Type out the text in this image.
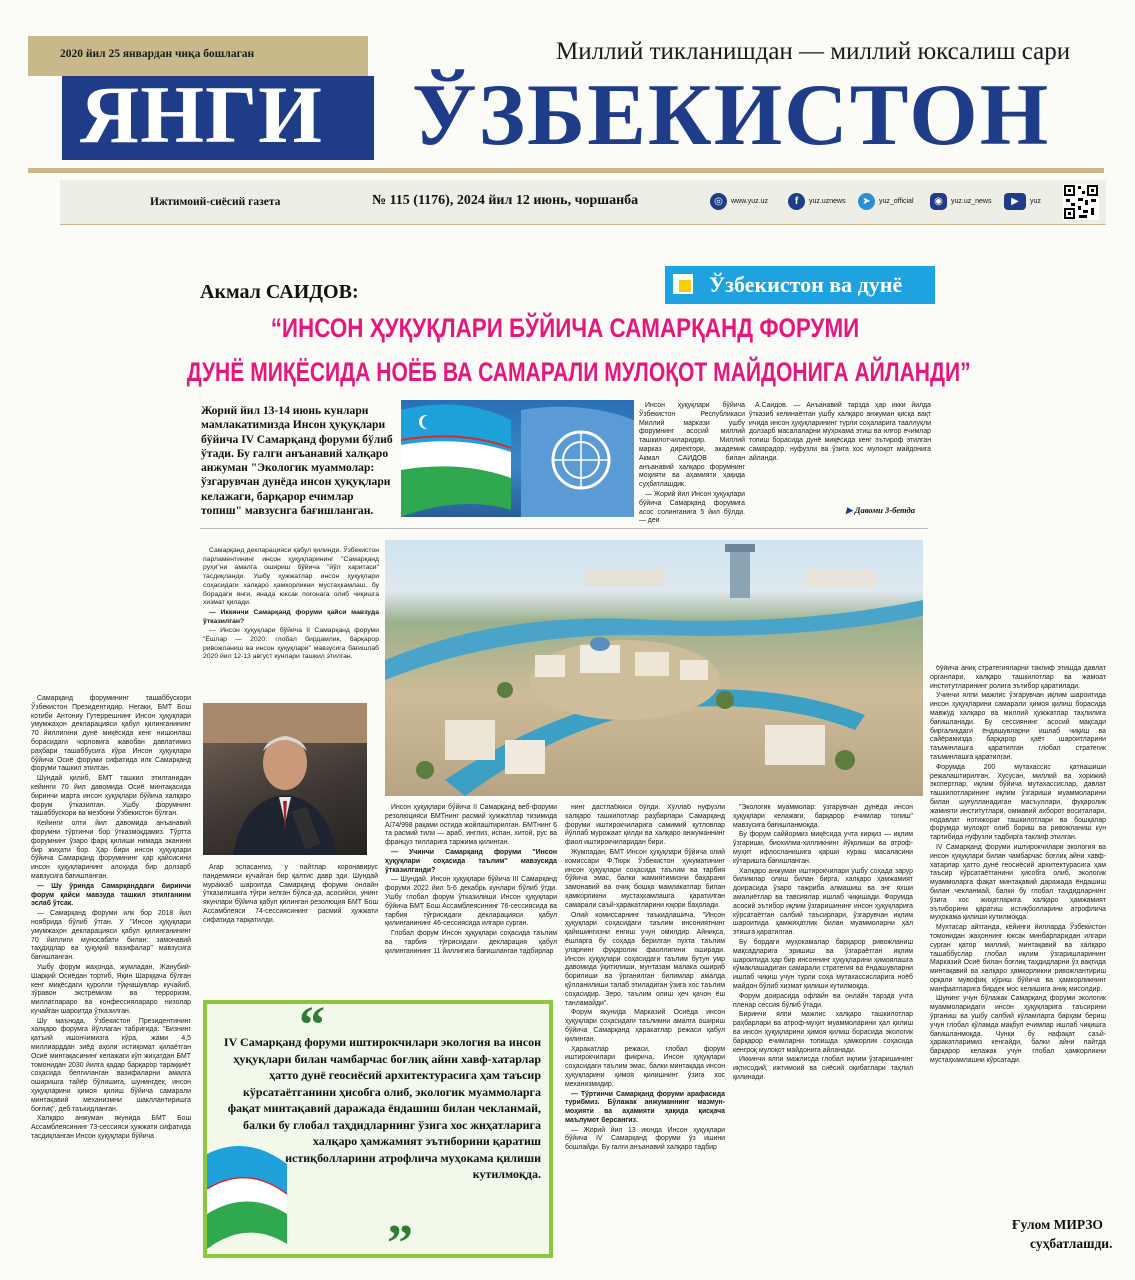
2020 йил 25 январдан чиқа бошлаган
ЯНГИ ЎЗБЕКИСТОН
Миллий тикланишдан — миллий юксалиш сари
Ижтимоий-сиёсий газета	№ 115 (1176), 2024 йил 12 июнь, чоршанба	◎	www.yuz.uz	f	yuz.uznews	➤	yuz_official	◉	yuz.uz_news	▶	yuz
Ўзбекистон ва дунё
Акмал САИДОВ:
“ИНСОН ҲУҚУҚЛАРИ БЎЙИЧА САМАРҚАНД ФОРУМИ
ДУНЁ МИҚЁСИДА НОЁБ ВА САМАРАЛИ МУЛОҚОТ МАЙДОНИГА АЙЛАНДИ”
Жорий йил 13-14 июнь кунлари мамлакатимизда Инсон ҳуқуқлари бўйича IV Самарқанд форуми бўлиб ўтади. Бу галги анъанавий халқаро анжуман "Экологик муаммолар: ўзгарувчан дунёда инсон ҳуқуқлари келажаги, барқарор ечимлар топиш" мавзусига бағишланган.

Инсон ҳуқуқлари бўйича Ўзбекистон Республикаси Миллий маркази ушбу форумнинг асосий миллий ташкилотчиларидир. Миллий марказ директори, академик Акмал САИДОВ билан анъанавий халқаро форумнинг моҳияти ва аҳамияти ҳақида суҳбатлашдик.

— Жорий йил Инсон ҳуқуқлари бўйича Самарқанд форумига асос солинганига 5 йил бўлди. — деи

А.Саидов. — Анъанавий тарзда ҳар икки йилда ўтказиб келинаётган ушбу халқаро анжуман қисқа вақт ичида инсон ҳуқуқларининг турли соҳаларига тааллуқли долзарб масалаларни муҳокама этиш ва илғор ечимлар топиш борасида дунё миқёсида кенг эътироф этилган самарадор, нуфузли ва ўзига хос мулоқот майдонига айланди.

▶ Давоми 3-бетда

Самарқанд декларацияси қабул қилинди. Ўзбекистон парламентининг инсон ҳуқуқларининг "Самарқанд руҳи"ни амалга ошириш бўйича "йўл харитаси" тасдиқланди. Ушбу ҳужжатлар инсон ҳуқуқлари соҳасидаги халқаро ҳамкорликни мустаҳкамлаш, бу борадаги янги, янада юксак поғонага олиб чиқишга хизмат қилади.

— Иккинчи Самарқанд форуми қайси мавзуда ўтказилган?

— Инсон ҳуқуқлари бўйича II Самарқанд форуми "Ёшлар — 2020: глобал бирдамлик, барқарор ривожланиш ва инсон ҳуқуқлари" мавзусига бағишлаб 2020 йил 12-13 август кунлари ташкил этилган.

Самарқанд форумининг ташаббускори Ўзбекистон Президентидир. Негаки, БМТ Бош котиби Антониу Гутеррешнинг Инсон ҳуқуқлари умумжаҳон декларацияси қабул қилинганининг 70 йиллигини дунё миқёсида кенг нишонлаш борасидаги чорловига жавобан давлатимиз раҳбари ташаббусига кўра Инсон ҳуқуқлари бўйича Осиё форуми сифатида илк Самарқанд форуми ташкил этилган.

Шундай қилиб, БМТ ташкил этилганидан кейинги 70 йил давомида Осиё минтақасида биринчи марта инсон ҳуқуқлари бўйича халқаро форум ўтказилган. Ушбу форумнинг ташаббускори ва мезбони Ўзбекистон бўлган.

Кейинги олти йил давомида анъанавий форумни тўртинчи бор ўтказмоқдамиз. Тўртта форумнинг ўзаро фарқ қилиши нимада эканини бир жиҳати бор. Ҳар бири инсон ҳуқуқлари бўйича Самарқанд форумининг ҳар қайсисини инсон ҳуқуқларининг алоҳида бир долзарб мавзусига бағишланган.

— Шу ўринда Самарқанддаги биринчи форум қайси мавзуда ташкил этилганини эслаб ўтсак.

— Самарқанд форуми илк бор 2018 йил ноябрида бўлиб ўтган. У "Инсон ҳуқуқлари умумжаҳон декларацияси қабул қилинганининг 70 йиллиги муносабати билан: замонавий таҳдидлар ва ҳуқуқий вазифалар" мавзусига бағишланган.

Ушбу форум жаҳонда, жумладан, Жанубий-Шарқий Осиёдан тортиб, Яқин Шарққача бўлган кенг миқёсдаги қуролли тўқнашувлар кучайиб, зўравон экстремизм ва терроризм, миллатлараро ва конфессиялараро низолар кучайган шароитда ўтказилган.

Шу маънода, Ўзбекистон Президентининг халқаро форумга йўллаган табригида: "Бизнинг қатъий ишончимизга кўра, жами 4,5 миллиарддан зиёд аҳоли истиқомат қилаётган Осиё минтақасининг келажаги кўп жиҳатдан БМТ томонидан 2030 йилга қадар барқарор тараққиёт соҳасида белгиланган вазифаларни амалга оширишга тайёр бўлишига, шунингдек, инсон ҳуқуқларини ҳимоя қилиш бўйича самарали минтақавий механизмни шакллантиришга боғлиқ", деб таъкидланган.

Халқаро анжуман якунида БМТ Бош Ассамблеясининг 73-сессияси ҳужжати сифатида тасдиқланган Инсон ҳуқуқлари бўйича

Агар эсласангиз, у пайтлар коронавирус пандемияси кучайган бир қалтис давр эди. Шундай мураккаб шароитда Самарқанд форуми онлайн ўтказилишига тўғри келган бўлса-да, асосийси, унинг якунлари бўйича қабул қилинган резолюция БМТ Бош Ассамблеяси 74-сессиясининг расмий ҳужжати сифатида тарқатилди.

Инсон ҳуқуқлари бўйича II Самарқанд веб-форуми резолюцияси БМТнинг расмий ҳужжатлар тизимида A/74/998 рақами остида жойлаштирилган. БМТнинг 6 та расмий тили — араб, инглиз, испан, хитой, рус ва француз тилларига таржима қилинган.

— Учинчи Самарқанд форуми "Инсон ҳуқуқлари соҳасида таълим" мавзусида ўтказилганди?

— Шундай. Инсон ҳуқуқлари бўйича III Самарқанд форуми 2022 йил 5-6 декабрь кунлари бўлиб ўтди. Ушбу глобал форум ўтказилиши Инсон ҳуқуқлари бўйича БМТ Бош Ассамблеясининг 76-сессиясида ва тарбия тўғрисидаги декларацияси қабул қилинганининг 46-сессиясида илгари сурган.

Глобал форум Инсон ҳуқуқлари соҳасида таълим ва тарбия тўғрисидаги декларация қабул қилинганининг 11 йиллигига бағишланган тадбирлар

нинг дастлабкиси бўлди. Хўллаб нуфузли халқаро ташкилотлар раҳбарлари Самарқанд форуми иштирокчиларига самимий қутловлар йўллаб мурожаат қилди ва халқаро анжуманнинг фаол иштирокчиларидан бири.

Жумладан, БМТ Инсон ҳуқуқлари бўйича олий комиссари Ф.Тюрк Ўзбекистон ҳукуматининг инсон ҳуқуқлари соҳасида таълим ва тарбия бўйича эмас, балки жамиятимизни баҳарани замонавий ва очиқ бошқа мамлакатлар билан ҳамкорликни мустаҳкамлашга қаратилган самарали саъй-ҳаракатларини юқори баҳолади.

Олий комиссарнинг таъкидлашича, "Инсон ҳуқуқлари соҳасидаги таълим инсониятнинг қайишингизни енгиш учун омилдир. Айниқса, ёшларга бу соҳада берилган пухта таълим уларнинг фуқаролик фаоллигини оширади. Инсон ҳуқуқлари соҳасидаги таълим бутун умр давомида ўқитилиши, мунтазам малака ошириб борилиши ва ўрганилган билимлар амалда қўлланилиши талаб этиладиган ўзига хос таълим соҳасидир. Зеро, таълим олиш ҳеч қачон ёш танламайди".

Форум якунида Марказий Осиёда инсон ҳуқуқлари соҳасидаги таълимни амалга ошириш бўйича Самарқанд ҳаракатлар режаси қабул қилинган.

Ҳаракатлар режаси, глобал форум иштирокчилари фикрича, Инсон ҳуқуқлари соҳасидаги таълим эмас, балки минтақада инсон ҳуқуқларини ҳимоя қилишнинг ўзига хос механизмидир.

— Тўртинчи Самарқанд форуми арафасида турибмиз. Бўлажак анжуманнинг мазмун-моҳияти ва аҳамияти ҳақида қисқача маълумот берсангиз.

— Жорий йил 13 июнда Инсон ҳуқуқлари бўйича IV Самарқанд форуми ўз ишини бошлайди. Бу галги анъанавий халқаро тадбир

"Экологик муаммолар: ўзгарувчан дунёда инсон ҳуқуқлари келажаги, барқарор ечимлар топиш" мавзусига бағишланмоқда.

Бу форум саййормиз миқёсида учта кирқиз — иқлим ўзгариши, биохилма-хилликнинг йўқолиши ва атроф-муҳит ифлосланишига қарши кураш масаласини кўтаришга бағишланган.

Халқаро анжуман иштирокчилари ушбу соҳада зарур билимлар олиш билан бирга, халқаро ҳамжамият доирасида ўзаро тажриба алмашиш ва энг яхши амалиётлар ва тавсиялар ишлаб чиқишади. Форумда асосий эътибор иқлим ўзгаришининг инсон ҳуқуқларига кўрсатаётган салбий таъсирлари, ўзгарувчан иқлим шароитида ҳамжиҳатлик билан муаммоларни ҳал этишга қаратилган.

Бу бордаги муҳокамалар барқарор ривожланиш мақсадларига эришиш ва ўзгараётган иқлим шароитида ҳар бир инсоннинг ҳуқуқларини ҳимоялашга кўмаклашадиган самарали стратегия ва ёндашувларни ишлаб чиқиш учун турли соҳа мутахассисларига ноёб майдон бўлиб хизмат қилиши кутилмоқда.

Форум доирасида офлайн ва онлайн тарзда учта пленар сессия бўлиб ўтади.

Биринчи ялпи мажлис халқаро ташкилотлар раҳбарлари ва атроф-муҳит муаммоларини ҳал қилиш ва инсон ҳуқуқларини ҳимоя қилиш борасида экологик барқарор ечимларни топишда ҳамкорлик соҳасида кенгроқ мулоқот майдонига айланади.

Иккинчи ялпи мажлисда глобал иқлим ўзгаришининг иқтисодий, ижтимоий ва сиёсий оқибатлари таҳлил қилинади.

бўйича аниқ стратегияларни таклиф этишда давлат органлари, халқаро ташкилотлар ва жамоат институтларининг ролига эътибор қаратилади.

Учинчи ялпи мажлис ўзгарувчан иқлим шароитида инсон ҳуқуқларини самарали ҳимоя қилиш борасида мавжуд халқаро ва миллий ҳужжатлар таҳлилига бағишланади. Бу сессиянинг асосий мақсади биргаликдаги ёндашувларни ишлаб чиқиш ва сайёрамизда барқарор ҳаёт шароитларини таъминлашга қаратилган глобал стратегик таъминлашга қаратилган.

Форумда 200 мутахассис қатнашиши режалаштирилган. Хусусан, миллий ва хорижий экспертлар, иқлим бўйича мутахассислар, давлат ташкилотларининг иқлим ўзгариши муаммоларини билан шуғулланадиган масъуллари, фуқаролик жамияти институтлари, оммавий ахборот воситалари, нодавлат нотижорат ташкилотлари ва бошқалар форумда мулоқот олиб бориш ва ривожланиш кун тартибида нуфузли тадбирга таклиф этилган.

IV Самарқанд форуми иштирокчилари экология ва инсон ҳуқуқлари билан чамбарчас боғлиқ айни хавф-хатарлар ҳатто дунё геосиёсий архитектурасига ҳам таъсир кўрсатаётганини ҳисобга олиб, экологик муаммоларга фақат минтақавий даражада ёндашиш билан чекланмай, балки бу глобал таҳдидларнинг ўзига хос жиҳатларига халқаро ҳамжамият эътиборини қаратиш истиқболларини атрофлича муҳокама қилиши кутилмоқда.

Мухтасар айтганда, кейинги йилларда Ўзбекистон томонидан жаҳоннинг юксак минбарларидан илгари сурган қатор миллий, минтақавий ва халқаро ташаббуслар глобал иқлим ўзгаришларининг Марказий Осиё билан боғлиқ таҳдидларни ўз вақтида минтақавий ва халқаро ҳамкорликни ривожлантириш орқали мувофиқ кўриш бўйича ва ҳамкорликнинг манфаатларига бирдек мос келишига аниқ мисолдир.

Шунинг учун бўлажак Самарқанд форуми экологик муаммоларидаги инсон ҳуқуқларига таъсирини ўрганиш ва ушбу салбий кўламларга барҳам бериш учун глобал қўламда мақбул ечимлар ишлаб чиқишга бағишланмоқда. Чунки бу нафақат саъй-ҳаракатларимиз кенгайди, балки айни пайтда барқарор келажак учун глобал ҳамкорликни мустаҳкамлашни кўрсатади.

Ғулом МИРЗО
суҳбатлашди.
“
IV Самарқанд форуми иштирокчилари экология ва инсон ҳуқуқлари билан чамбарчас боғлиқ айни хавф-хатарлар ҳатто дунё геосиёсий архитектурасига ҳам таъсир кўрсатаётганини ҳисобга олиб, экологик муаммоларга фақат минтақавий даражада ёндашиш билан чекланмай, балки бу глобал таҳдидларнинг ўзига хос жиҳатларига халқаро ҳамжамият эътиборини қаратиш истиқболларини атрофлича муҳокама қилиши кутилмоқда.
”
